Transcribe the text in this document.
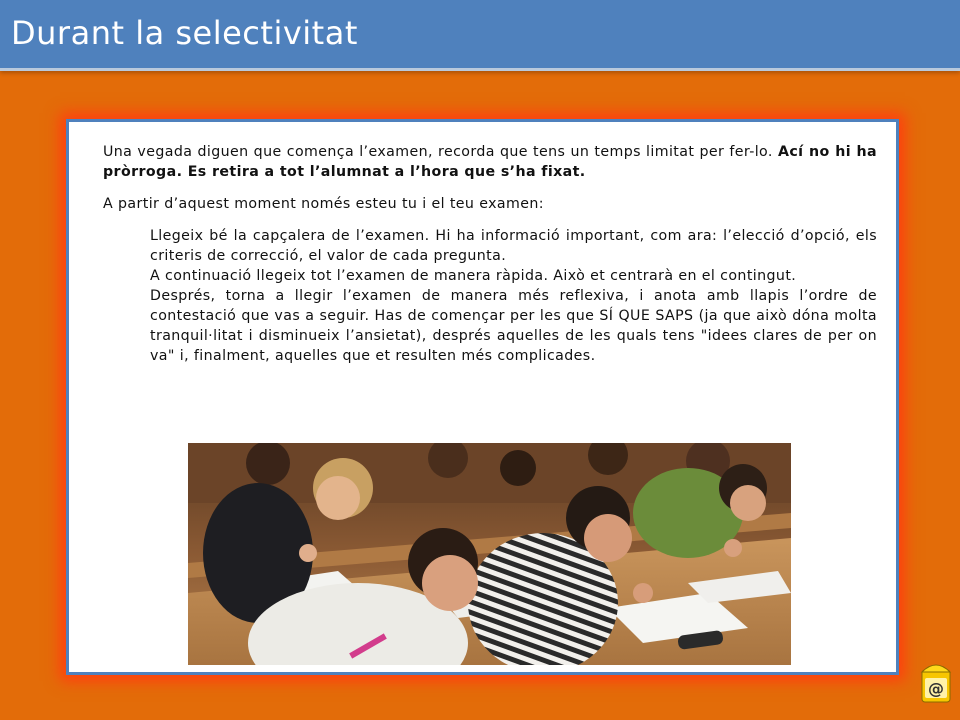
Durant la selectivitat

Una vegada diguen que comença l’examen, recorda que tens un temps limitat per fer-lo. Ací no hi ha pròrroga. Es retira a tot l’alumnat a l’hora que s’ha fixat.

A partir d’aquest moment només esteu tu i el teu examen:

Llegeix bé la capçalera de l’examen. Hi ha informació important, com ara: l’elecció d’opció, els criteris de correcció, el valor de cada pregunta.

A continuació llegeix tot l’examen de manera ràpida. Això et centrarà en el contingut.

Després, torna a llegir l’examen de manera més reflexiva, i anota amb llapis l’ordre de contestació que vas a seguir. Has de començar per les que SÍ QUE SAPS (ja que això dóna molta tranquil·litat i disminueix l’ansietat), després aquelles de les quals tens "idees clares de per on va" i, finalment, aquelles que et resulten més complicades.

@
